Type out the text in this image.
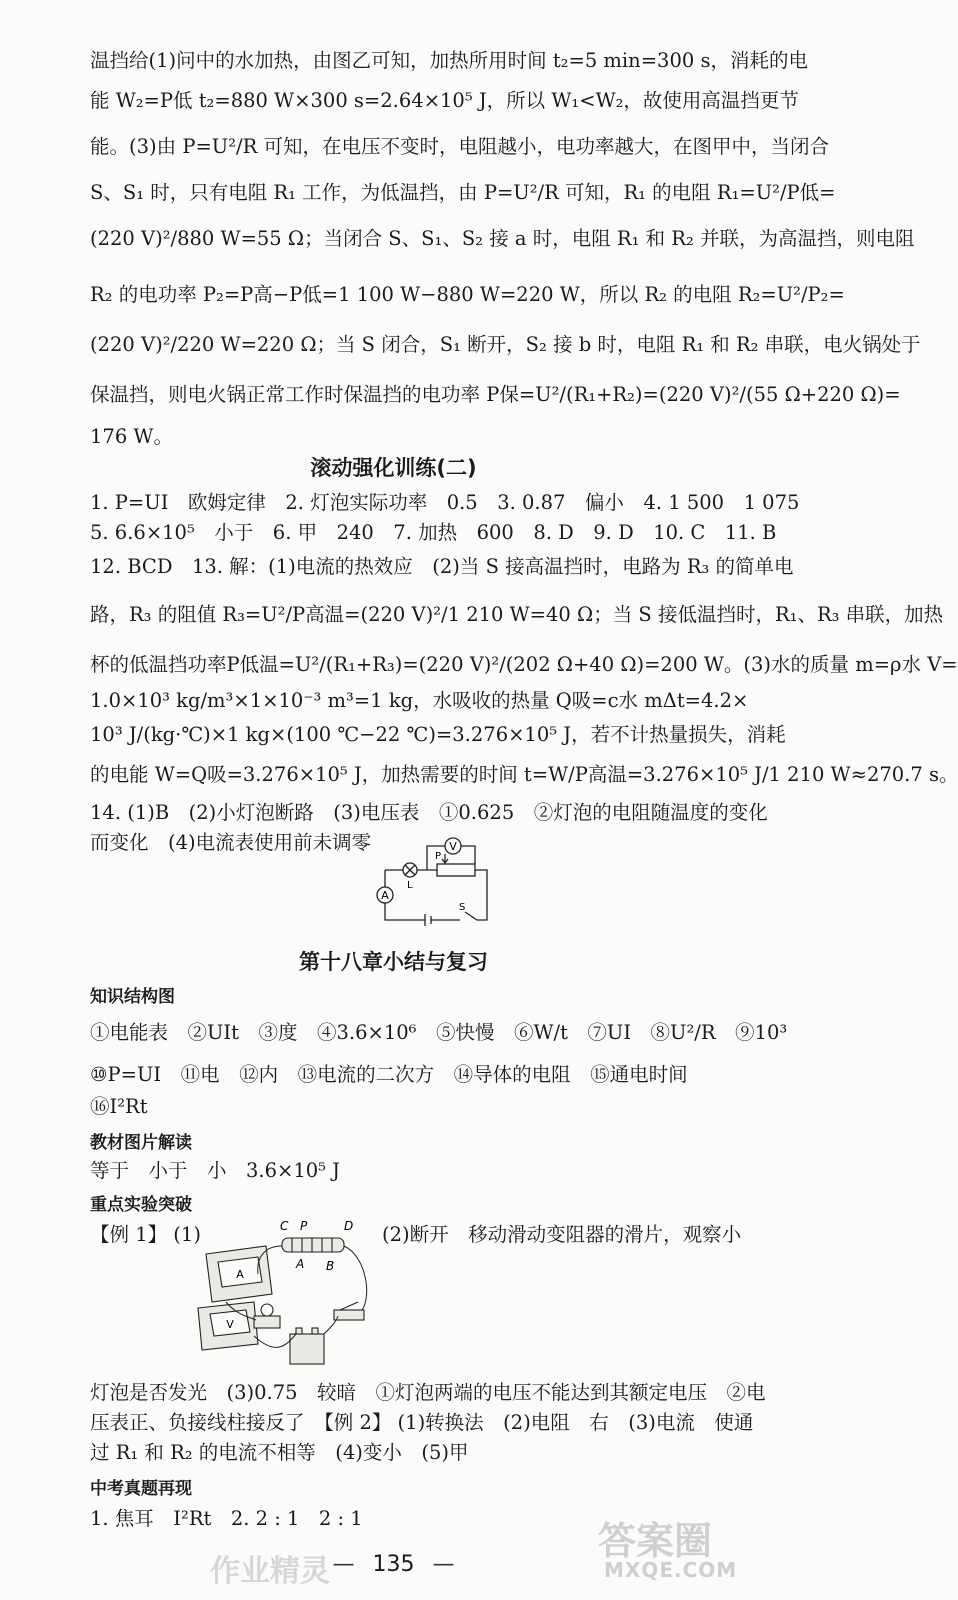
温挡给(1)问中的水加热，由图乙可知，加热所用时间 t₂=5 min=300 s，消耗的电
能 W₂=P低 t₂=880 W×300 s=2.64×10⁵ J，所以 W₁<W₂，故使用高温挡更节
能。(3)由 P=U²/R 可知，在电压不变时，电阻越小，电功率越大，在图甲中，当闭合
S、S₁ 时，只有电阻 R₁ 工作，为低温挡，由 P=U²/R 可知，R₁ 的电阻 R₁=U²/P低=
(220 V)²/880 W=55 Ω；当闭合 S、S₁、S₂ 接 a 时，电阻 R₁ 和 R₂ 并联，为高温挡，则电阻
R₂ 的电功率 P₂=P高−P低=1 100 W−880 W=220 W，所以 R₂ 的电阻 R₂=U²/P₂=
(220 V)²/220 W=220 Ω；当 S 闭合，S₁ 断开，S₂ 接 b 时，电阻 R₁ 和 R₂ 串联，电火锅处于
保温挡，则电火锅正常工作时保温挡的电功率 P保=U²/(R₁+R₂)=(220 V)²/(55 Ω+220 Ω)=
176 W。
滚动强化训练(二)
1. P=UI　欧姆定律　2. 灯泡实际功率　0.5　3. 0.87　偏小　4. 1 500　1 075
5. 6.6×10⁵　小于　6. 甲　240　7. 加热　600　8. D　9. D　10. C　11. B
12. BCD　13. 解：(1)电流的热效应　(2)当 S 接高温挡时，电路为 R₃ 的简单电
路，R₃ 的阻值 R₃=U²/P高温=(220 V)²/1 210 W=40 Ω；当 S 接低温挡时，R₁、R₃ 串联，加热
杯的低温挡功率P低温=U²/(R₁+R₃)=(220 V)²/(202 Ω+40 Ω)=200 W。(3)水的质量 m=ρ水 V=
1.0×10³ kg/m³×1×10⁻³ m³=1 kg，水吸收的热量 Q吸=c水 mΔt=4.2×
10³ J/(kg·℃)×1 kg×(100 ℃−22 ℃)=3.276×10⁵ J，若不计热量损失，消耗
的电能 W=Q吸=3.276×10⁵ J，加热需要的时间 t=W/P高温=3.276×10⁵ J/1 210 W≈270.7 s。
14. (1)B　(2)小灯泡断路　(3)电压表　①0.625　②灯泡的电阻随温度的变化
而变化　(4)电流表使用前未调零	V
A
L
P
S
第十八章小结与复习
知识结构图
①电能表　②UIt　③度　④3.6×10⁶　⑤快慢　⑥W/t　⑦UI　⑧U²/R　⑨10³
⑩P=UI　⑪电　⑫内　⑬电流的二次方　⑭导体的电阻　⑮通电时间
⑯I²Rt
教材图片解读
等于　小于　小　3.6×10⁵ J
重点实验突破
【例 1】 (1)	(2)断开　移动滑动变阻器的滑片，观察小
C P	D
A B
A
V
灯泡是否发光　(3)0.75　较暗　①灯泡两端的电压不能达到其额定电压　②电
压表正、负接线柱接反了　【例 2】 (1)转换法　(2)电阻　右　(3)电流　使通
过 R₁ 和 R₂ 的电流不相等　(4)变小　(5)甲
中考真题再现
1. 焦耳　I²Rt　2. 2 : 1　2 : 1
— 135 —
作业精灵
答案圈
MXQE.COM
